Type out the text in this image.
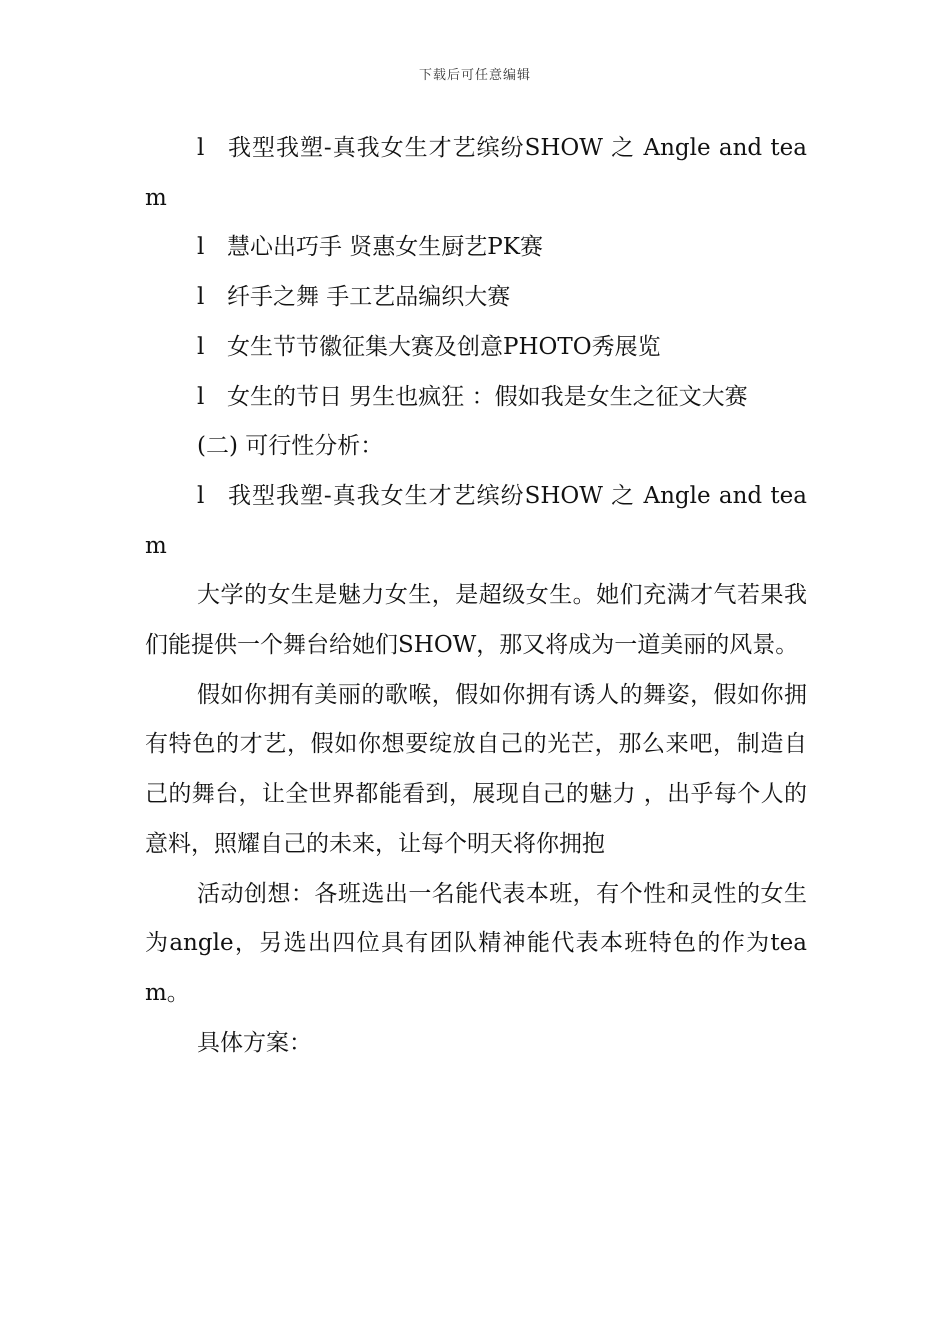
下载后可任意编辑

l 我型我塑-真我女生才艺缤纷SHOW 之 Angle and team

l 慧心出巧手 贤惠女生厨艺PK赛

l 纤手之舞 手工艺品编织大赛

l 女生节节徽征集大赛及创意PHOTO秀展览

l 女生的节日 男生也疯狂 ：假如我是女生之征文大赛

(二) 可行性分析：

l 我型我塑-真我女生才艺缤纷SHOW 之 Angle and team

大学的女生是魅力女生，是超级女生。她们充满才气若果我们能提供一个舞台给她们SHOW，那又将成为一道美丽的风景。

假如你拥有美丽的歌喉，假如你拥有诱人的舞姿，假如你拥有特色的才艺，假如你想要绽放自己的光芒，那么来吧，制造自己的舞台，让全世界都能看到，展现自己的魅力 ，出乎每个人的意料，照耀自己的未来，让每个明天将你拥抱

活动创想：各班选出一名能代表本班，有个性和灵性的女生为angle，另选出四位具有团队精神能代表本班特色的作为team。

具体方案：
